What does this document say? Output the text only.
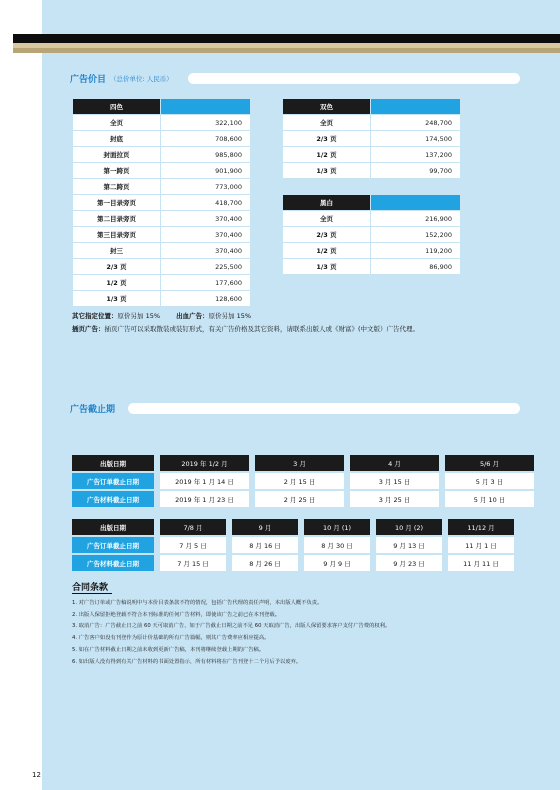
广告价目 （总价单位: 人民币）
四色	
全页	322,100
封底	708,600
封面拉页	985,800
第一跨页	901,900
第二跨页	773,000
第一目录旁页	418,700
第二目录旁页	370,400
第三目录旁页	370,400
封三	370,400
2/3 页	225,500
1/2 页	177,600
1/3 页	128,600
双色	
全页	248,700
2/3 页	174,500
1/2 页	137,200
1/3 页	99,700
黑白	
全页	216,900
2/3 页	152,200
1/2 页	119,200
1/3 页	86,900
其它指定位置：原价另加 15% 出血广告：原价另加 15%
插页广告：插页广告可以采取散装或装钉形式，有关广告价格及其它资料，请联系出版人或《财富》(中文版）广告代理。
广告截止期
出版日期		2019 年 1/2 月		3 月		4 月		5/6 月

广告订单截止日期		2019 年 1 月 14 日		2 月 15 日		3 月 15 日		5 月 3 日

广告材料截止日期		2019 年 1 月 23 日		2 月 25 日		3 月 25 日		5 月 10 日
出版日期		7/8 月		9 月		10 月 (1)		10 月 (2)		11/12 月

广告订单截止日期		7 月 5 日		8 月 16 日		8 月 30 日		9 月 13 日		11 月 1 日

广告材料截止日期		7 月 15 日		8 月 26 日		9 月 9 日		9 月 23 日		11 月 11 日
合同条款
1. 对广告订单或广告稿说明中与本价目表条款不符的情况，包括广告代理的责任声明，本出版人概不负责。
2. 出版人保留拒绝登载不符合本刊标准的任何广告材料，即使该广告之前已在本刊登载。
3. 取消广告：广告截止日之前 60 天可取消广告，如于广告截止日期之前不足 60 天取消广告，出版人保留要求客户支付广告费的权利。
4. 广告客户如没有刊登作为原计价基础的所有广告篇幅，则其广告费率应相应提高。
5. 如在广告材料截止日期之前未收到更新广告稿，本刊将继续登载上期的广告稿。
6. 如出版人没有得到有关广告材料的书面处置指示，所有材料将在广告刊登十二个月后予以废弃。
12
